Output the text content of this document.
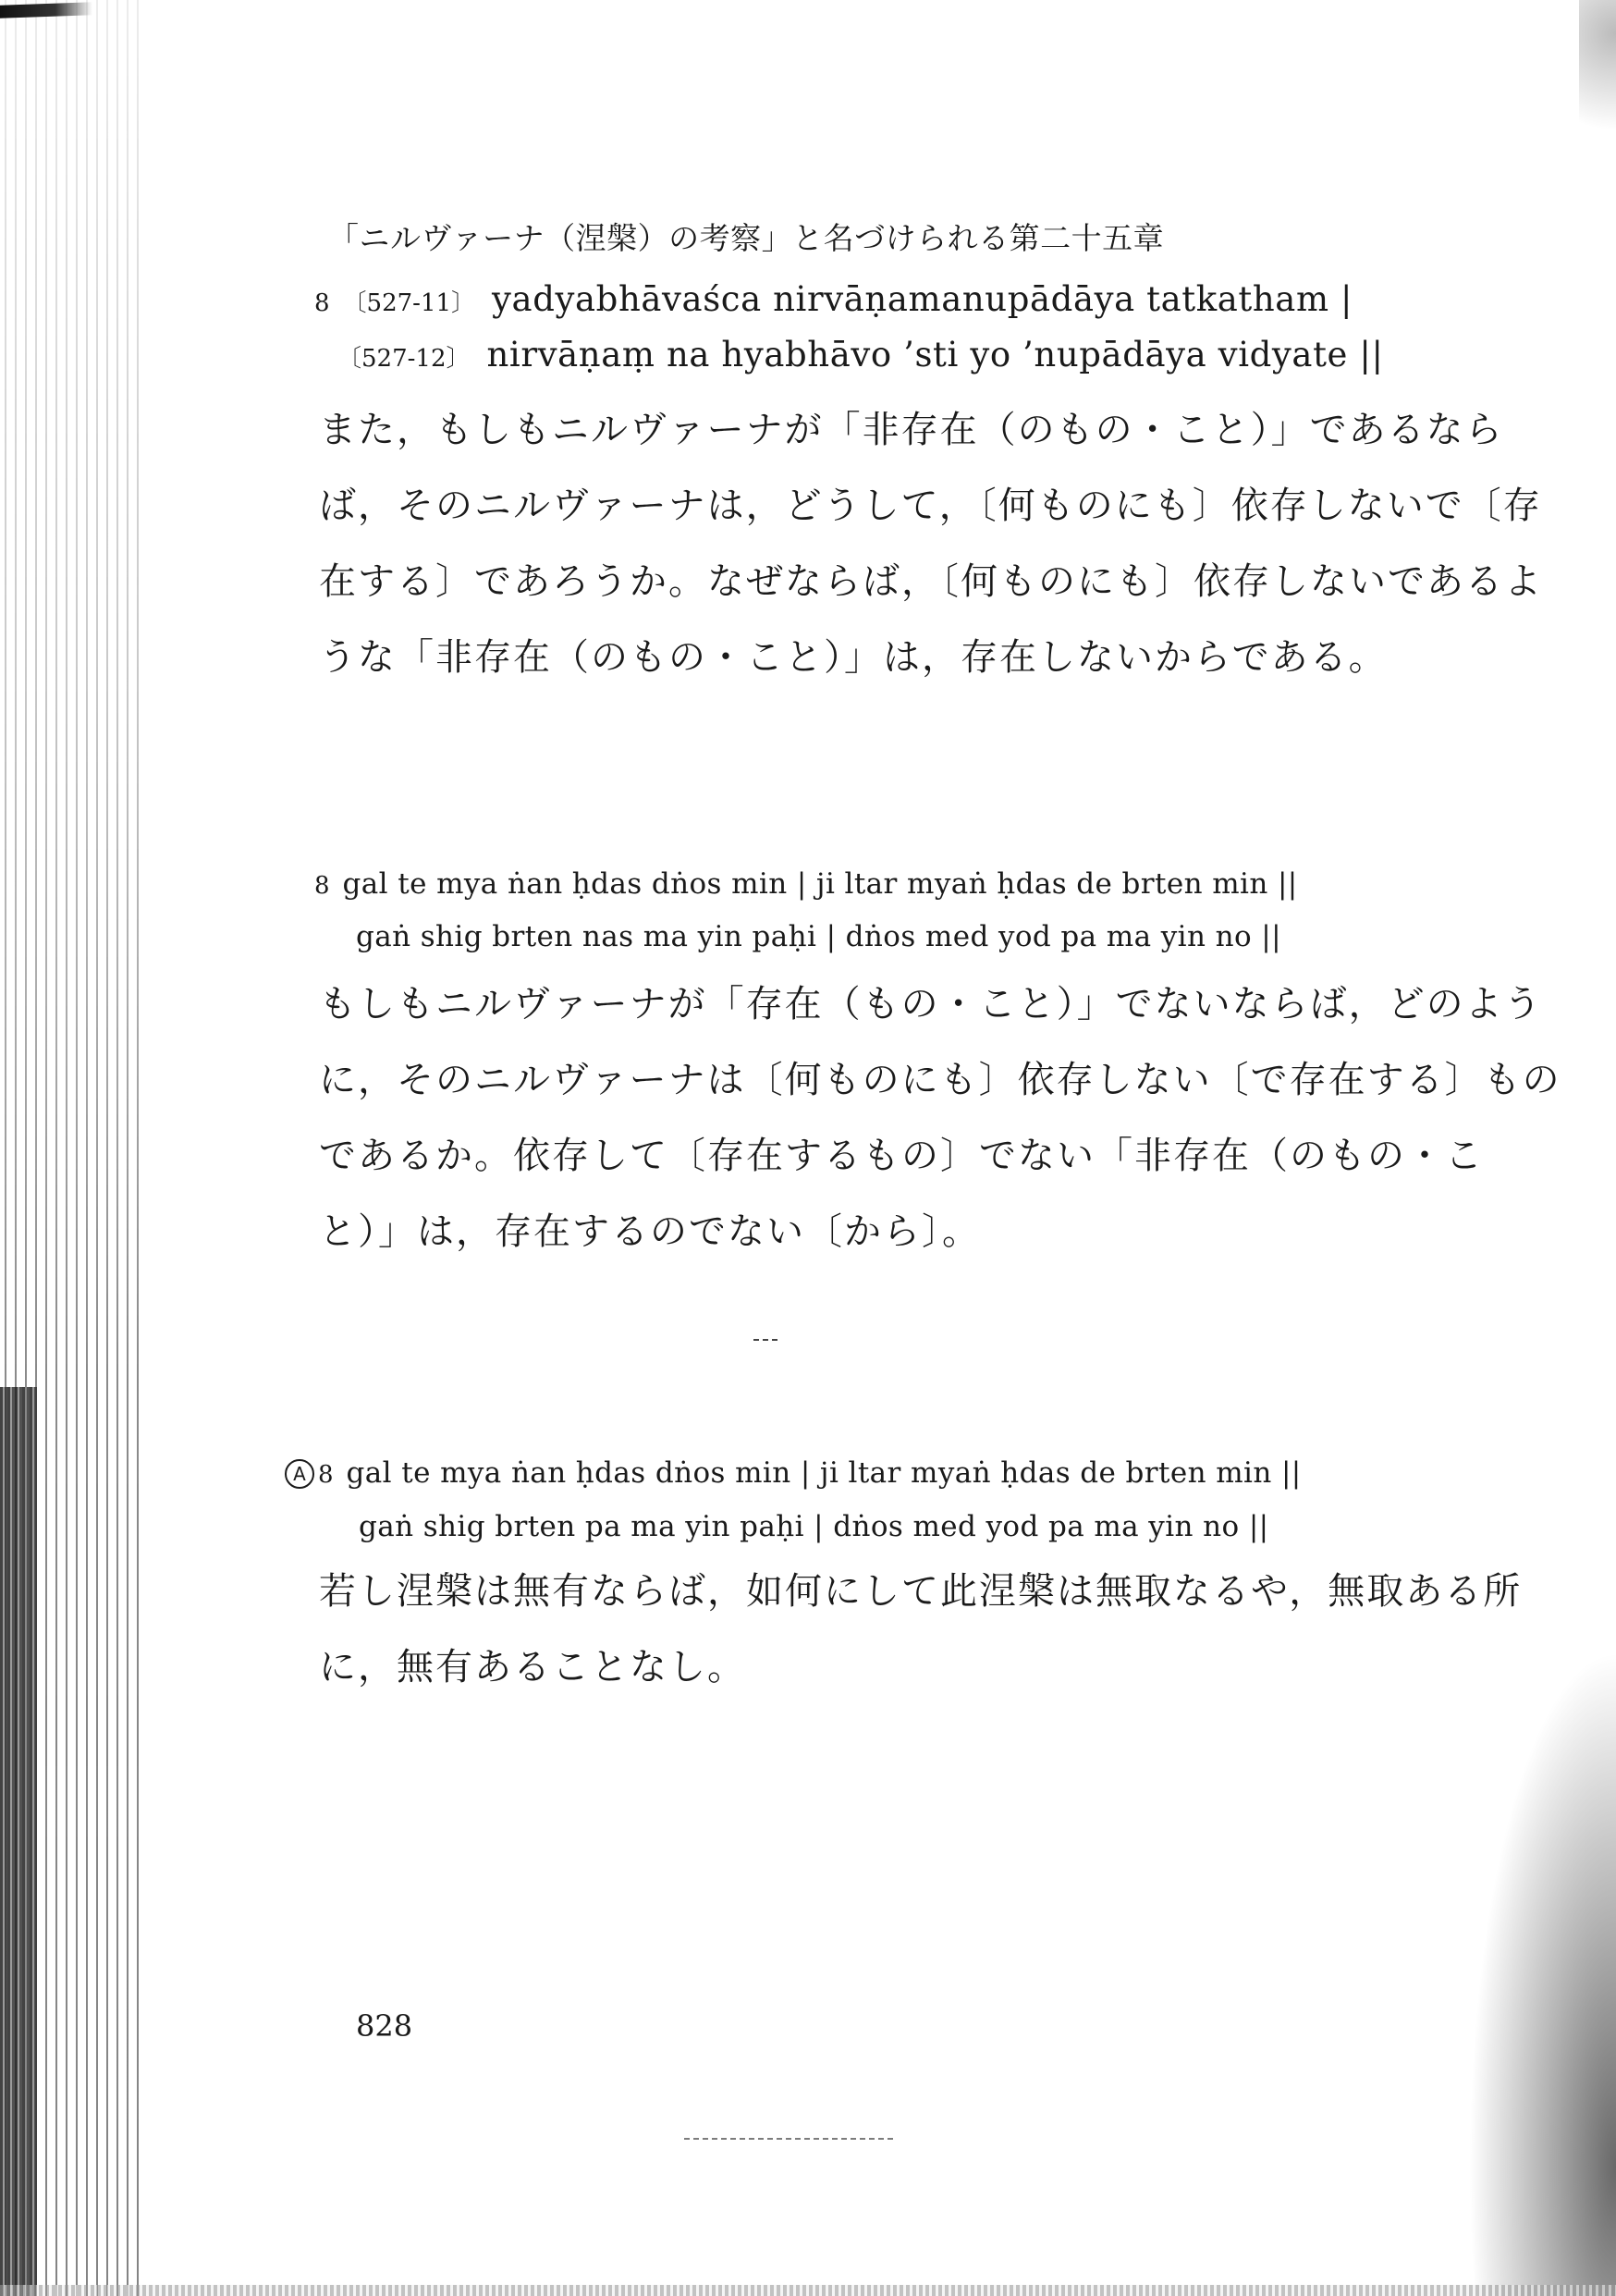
「ニルヴァーナ（涅槃）の考察」と名づけられる第二十五章
8 〔527-11〕 yadyabhāvaśca nirvāṇamanupādāya tatkatham |
〔527-12〕 nirvāṇaṃ na hyabhāvo ’sti yo ’nupādāya vidyate ||

また，もしもニルヴァーナが「非存在（のもの・こと）」であるならば，そのニルヴァーナは，どうして，〔何ものにも〕依存しないで〔存在する〕であろうか。なぜならば，〔何ものにも〕依存しないであるような「非存在（のもの・こと）」は，存在しないからである。

8 gal te mya ṅan ḥdas dṅos min | ji ltar myaṅ ḥdas de brten min ||
gaṅ shig brten nas ma yin paḥi | dṅos med yod pa ma yin no ||

もしもニルヴァーナが「存在（もの・こと）」でないならば，どのように，そのニルヴァーナは〔何ものにも〕依存しない〔で存在する〕ものであるか。依存して〔存在するもの〕でない「非存在（のもの・こと）」は，存在するのでない〔から〕。

A 8 gal te mya ṅan ḥdas dṅos min | ji ltar myaṅ ḥdas de brten min ||
gaṅ shig brten pa ma yin paḥi | dṅos med yod pa ma yin no ||

若し涅槃は無有ならば，如何にして此涅槃は無取なるや，無取ある所に，無有あることなし。

828
